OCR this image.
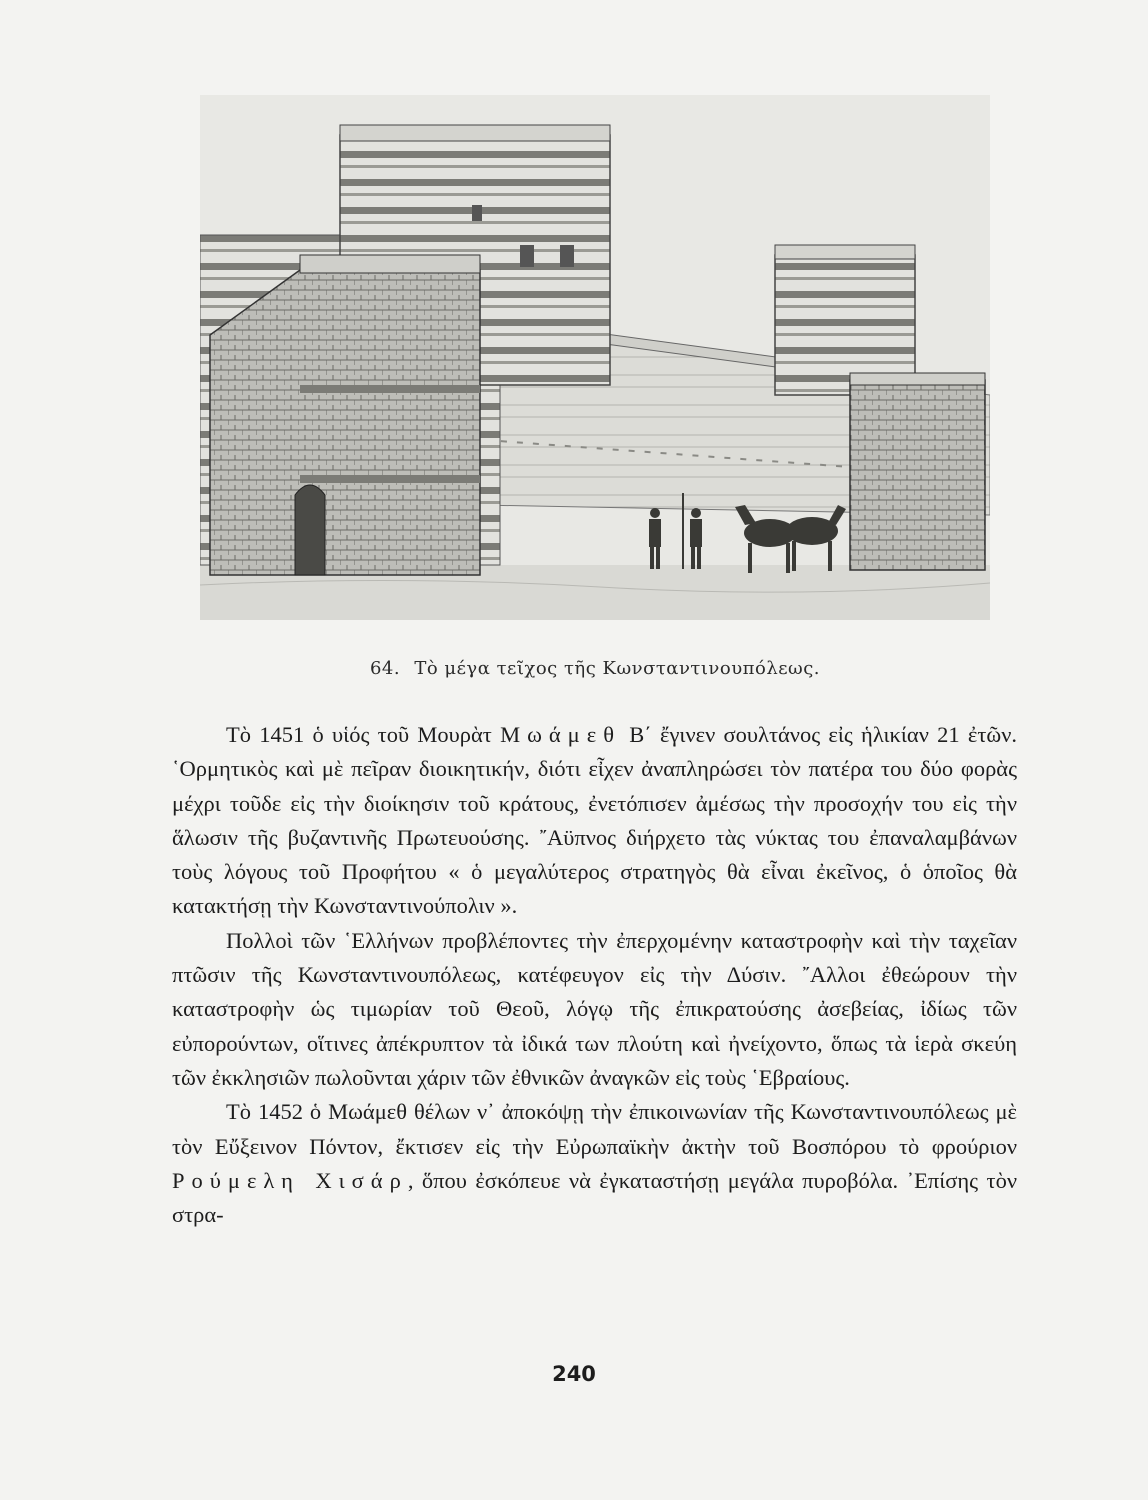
64. Τὸ μέγα τεῖχος τῆς Κωνσταντινουπόλεως.

Τὸ 1451 ὁ υἱός τοῦ Μουρὰτ Μωάμεθ Β΄ ἔγινεν σουλτάνος εἰς ἡλικίαν 21 ἐτῶν. ῾Ορμητικὸς καὶ μὲ πεῖραν διοικητικήν, διότι εἶχεν ἀναπληρώσει τὸν πατέρα του δύο φορὰς μέχρι τοῦδε εἰς τὴν διοίκησιν τοῦ κράτους, ἐνετόπισεν ἀμέσως τὴν προσοχήν του εἰς τὴν ἅλωσιν τῆς βυζαντινῆς Πρωτευούσης. ῎Αϋπνος διήρχετο τὰς νύκτας του ἐπαναλαμβάνων τοὺς λόγους τοῦ Προφήτου « ὁ μεγαλύτερος στρατηγὸς θὰ εἶναι ἐκεῖνος, ὁ ὁποῖος θὰ κατακτήσῃ τὴν Κωνσταντινούπολιν ».

Πολλοὶ τῶν ῾Ελλήνων προβλέποντες τὴν ἐπερχομένην καταστροφὴν καὶ τὴν ταχεῖαν πτῶσιν τῆς Κωνσταντινουπόλεως, κατέφευγον εἰς τὴν Δύσιν. ῎Αλλοι ἐθεώρουν τὴν καταστροφὴν ὡς τιμωρίαν τοῦ Θεοῦ, λόγῳ τῆς ἐπικρατούσης ἀσεβείας, ἰδίως τῶν εὐπορούντων, οἵτινες ἀπέκρυπτον τὰ ἰδικά των πλούτη καὶ ἠνείχοντο, ὅπως τὰ ἱερὰ σκεύη τῶν ἐκκλησιῶν πωλοῦνται χάριν τῶν ἐθνικῶν ἀναγκῶν εἰς τοὺς ῾Εβραίους.

Τὸ 1452 ὁ Μωάμεθ θέλων ν᾽ ἀποκόψῃ τὴν ἐπικοινωνίαν τῆς Κωνσταντινουπόλεως μὲ τὸν Εὔξεινον Πόντον, ἔκτισεν εἰς τὴν Εὐρωπαϊκὴν ἀκτὴν τοῦ Βοσπόρου τὸ φρούριον Ρούμελη Χισάρ, ὅπου ἐσκόπευε νὰ ἐγκαταστήσῃ μεγάλα πυροβόλα. ᾿Επίσης τὸν στρα-

240
